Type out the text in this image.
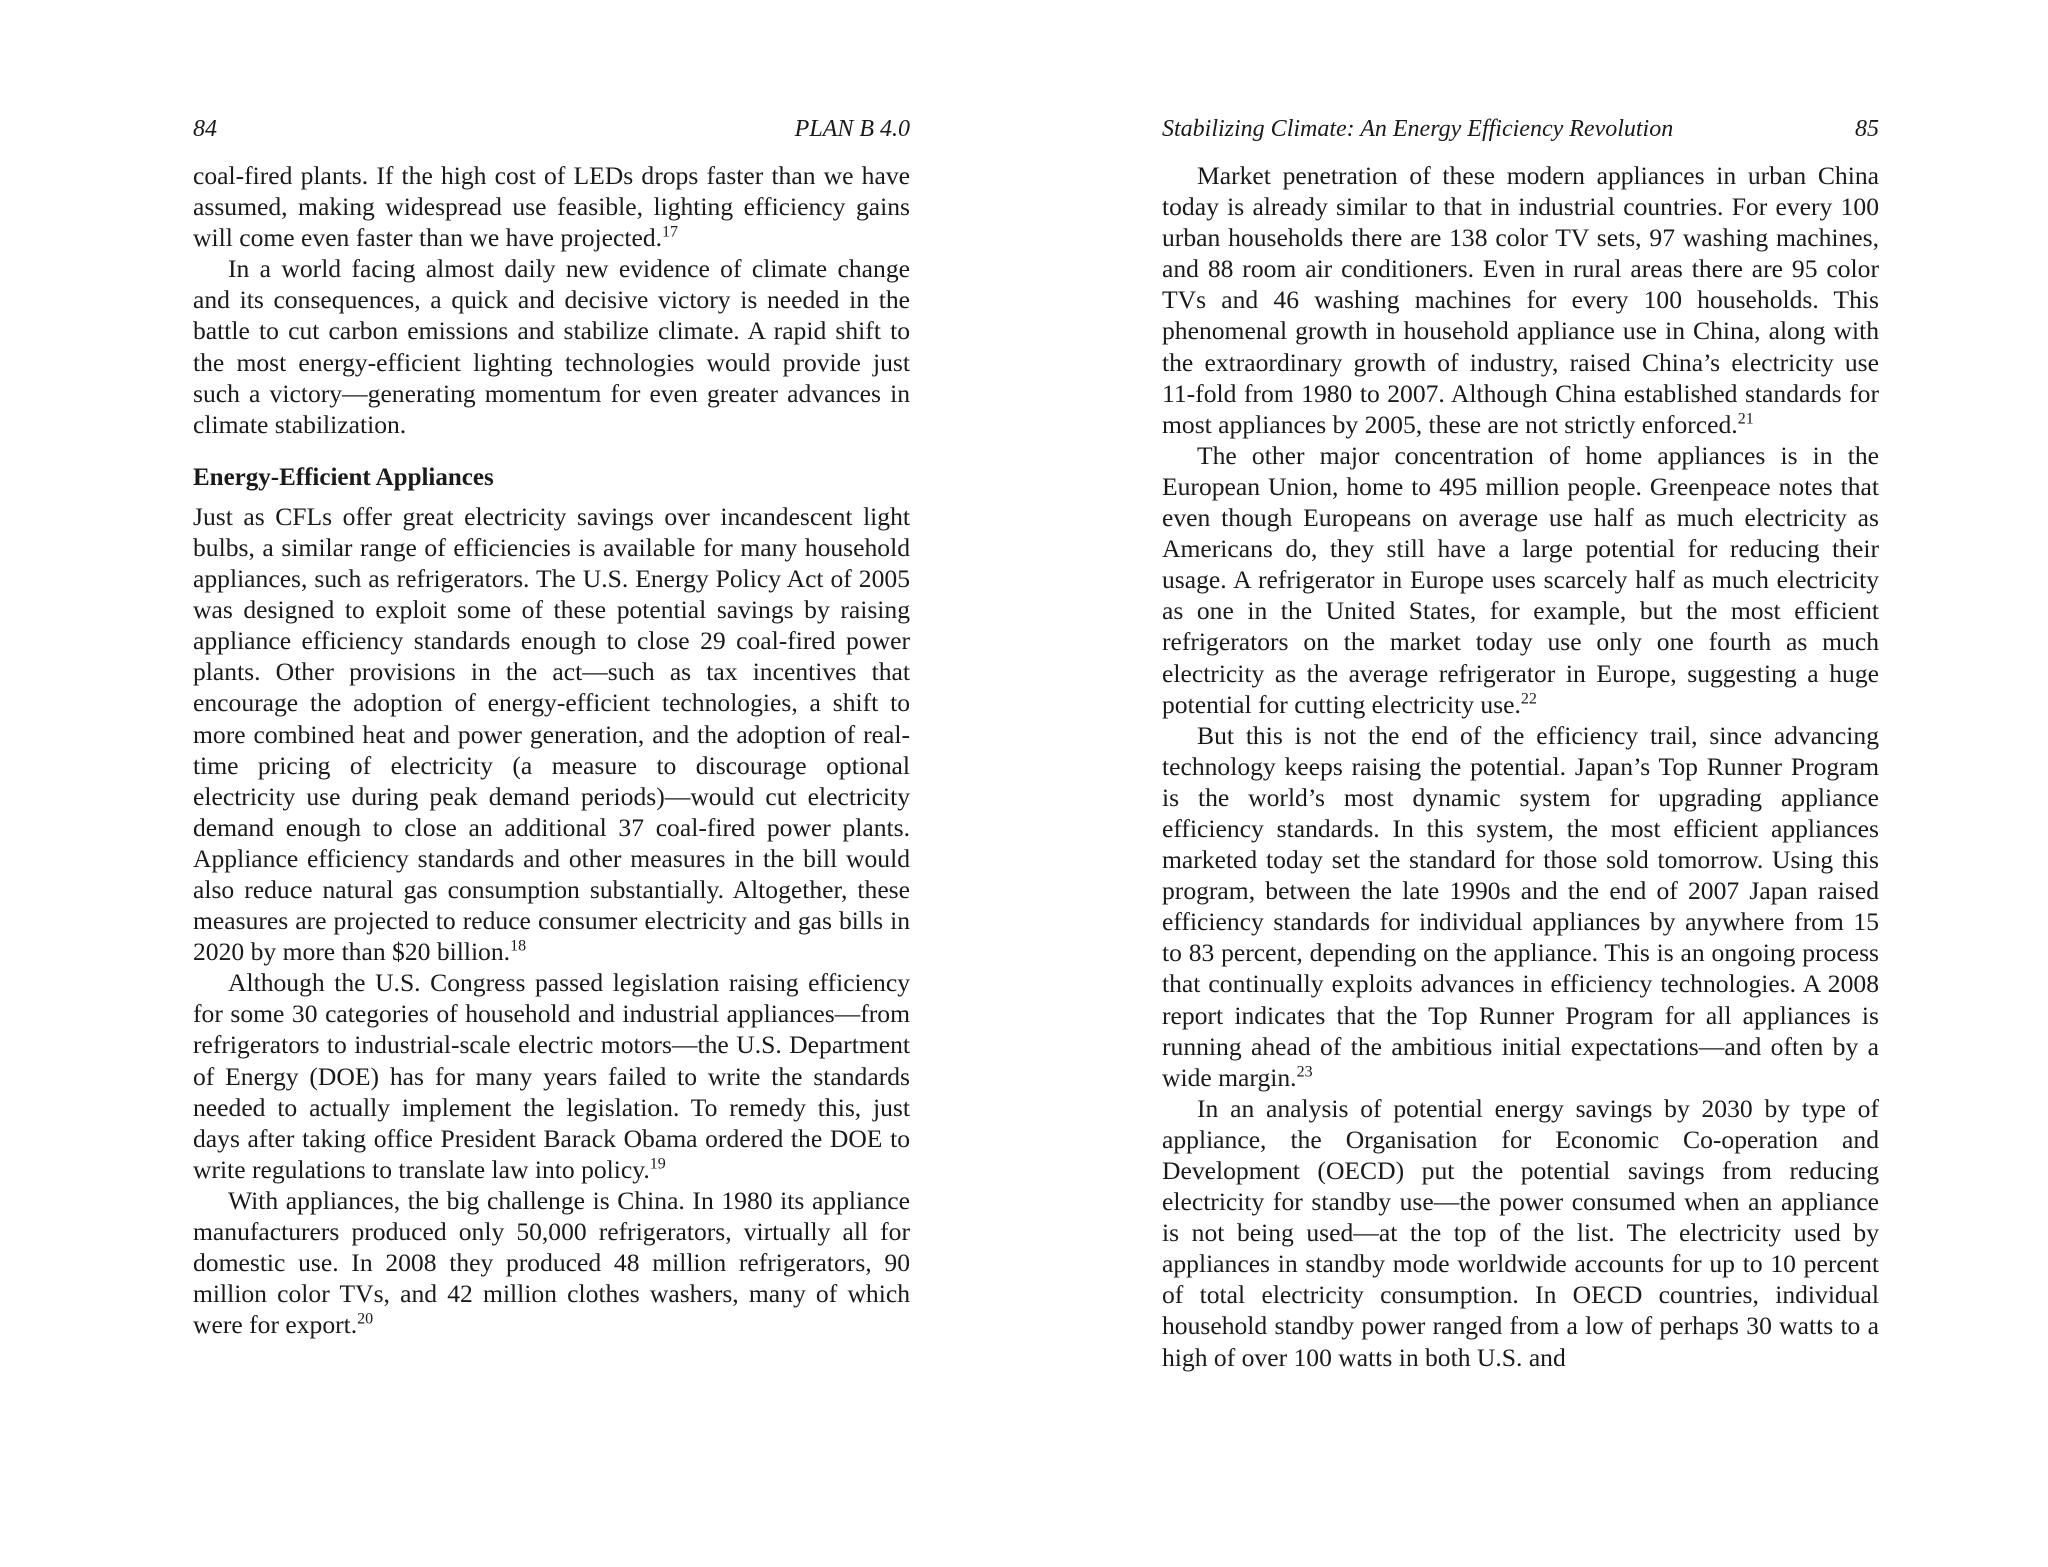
84	PLAN B 4.0

coal-fired plants. If the high cost of LEDs drops faster than we have assumed, making widespread use feasible, lighting efficiency gains will come even faster than we have projected.$^{17}$

In a world facing almost daily new evidence of climate change and its consequences, a quick and decisive victory is needed in the battle to cut carbon emissions and stabilize climate. A rapid shift to the most energy-efficient lighting technologies would provide just such a victory—generating momentum for even greater advances in climate stabilization.

Energy-Efficient Appliances

Just as CFLs offer great electricity savings over incandescent light bulbs, a similar range of efficiencies is available for many household appliances, such as refrigerators. The U.S. Energy Policy Act of 2005 was designed to exploit some of these potential savings by raising appliance efficiency standards enough to close 29 coal-fired power plants. Other provisions in the act—such as tax incentives that encourage the adoption of energy-efficient technologies, a shift to more combined heat and power generation, and the adoption of real-time pricing of electricity (a measure to discourage optional electricity use during peak demand periods)—would cut electricity demand enough to close an additional 37 coal-fired power plants. Appliance efficiency standards and other measures in the bill would also reduce natural gas consumption substantially. Altogether, these measures are projected to reduce consumer electricity and gas bills in 2020 by more than $20 billion.$^{18}$

Although the U.S. Congress passed legislation raising efficiency for some 30 categories of household and industrial appliances—from refrigerators to industrial-scale electric motors—the U.S. Department of Energy (DOE) has for many years failed to write the standards needed to actually implement the legislation. To remedy this, just days after taking office President Barack Obama ordered the DOE to write regulations to translate law into policy.$^{19}$

With appliances, the big challenge is China. In 1980 its appliance manufacturers produced only 50,000 refrigerators, virtually all for domestic use. In 2008 they produced 48 million refrigerators, 90 million color TVs, and 42 million clothes washers, many of which were for export.$^{20}$

Stabilizing Climate: An Energy Efficiency Revolution	85

Market penetration of these modern appliances in urban China today is already similar to that in industrial countries. For every 100 urban households there are 138 color TV sets, 97 washing machines, and 88 room air conditioners. Even in rural areas there are 95 color TVs and 46 washing machines for every 100 households. This phenomenal growth in household appliance use in China, along with the extraordinary growth of industry, raised China’s electricity use 11-fold from 1980 to 2007. Although China established standards for most appliances by 2005, these are not strictly enforced.$^{21}$

The other major concentration of home appliances is in the European Union, home to 495 million people. Greenpeace notes that even though Europeans on average use half as much electricity as Americans do, they still have a large potential for reducing their usage. A refrigerator in Europe uses scarcely half as much electricity as one in the United States, for example, but the most efficient refrigerators on the market today use only one fourth as much electricity as the average refrigerator in Europe, suggesting a huge potential for cutting electricity use.$^{22}$

But this is not the end of the efficiency trail, since advancing technology keeps raising the potential. Japan’s Top Runner Program is the world’s most dynamic system for upgrading appliance efficiency standards. In this system, the most efficient appliances marketed today set the standard for those sold tomorrow. Using this program, between the late 1990s and the end of 2007 Japan raised efficiency standards for individual appliances by anywhere from 15 to 83 percent, depending on the appliance. This is an ongoing process that continually exploits advances in efficiency technologies. A 2008 report indicates that the Top Runner Program for all appliances is running ahead of the ambitious initial expectations—and often by a wide margin.$^{23}$

In an analysis of potential energy savings by 2030 by type of appliance, the Organisation for Economic Co-operation and Development (OECD) put the potential savings from reducing electricity for standby use—the power consumed when an appliance is not being used—at the top of the list. The electricity used by appliances in standby mode worldwide accounts for up to 10 percent of total electricity consumption. In OECD countries, individual household standby power ranged from a low of perhaps 30 watts to a high of over 100 watts in both U.S. and
